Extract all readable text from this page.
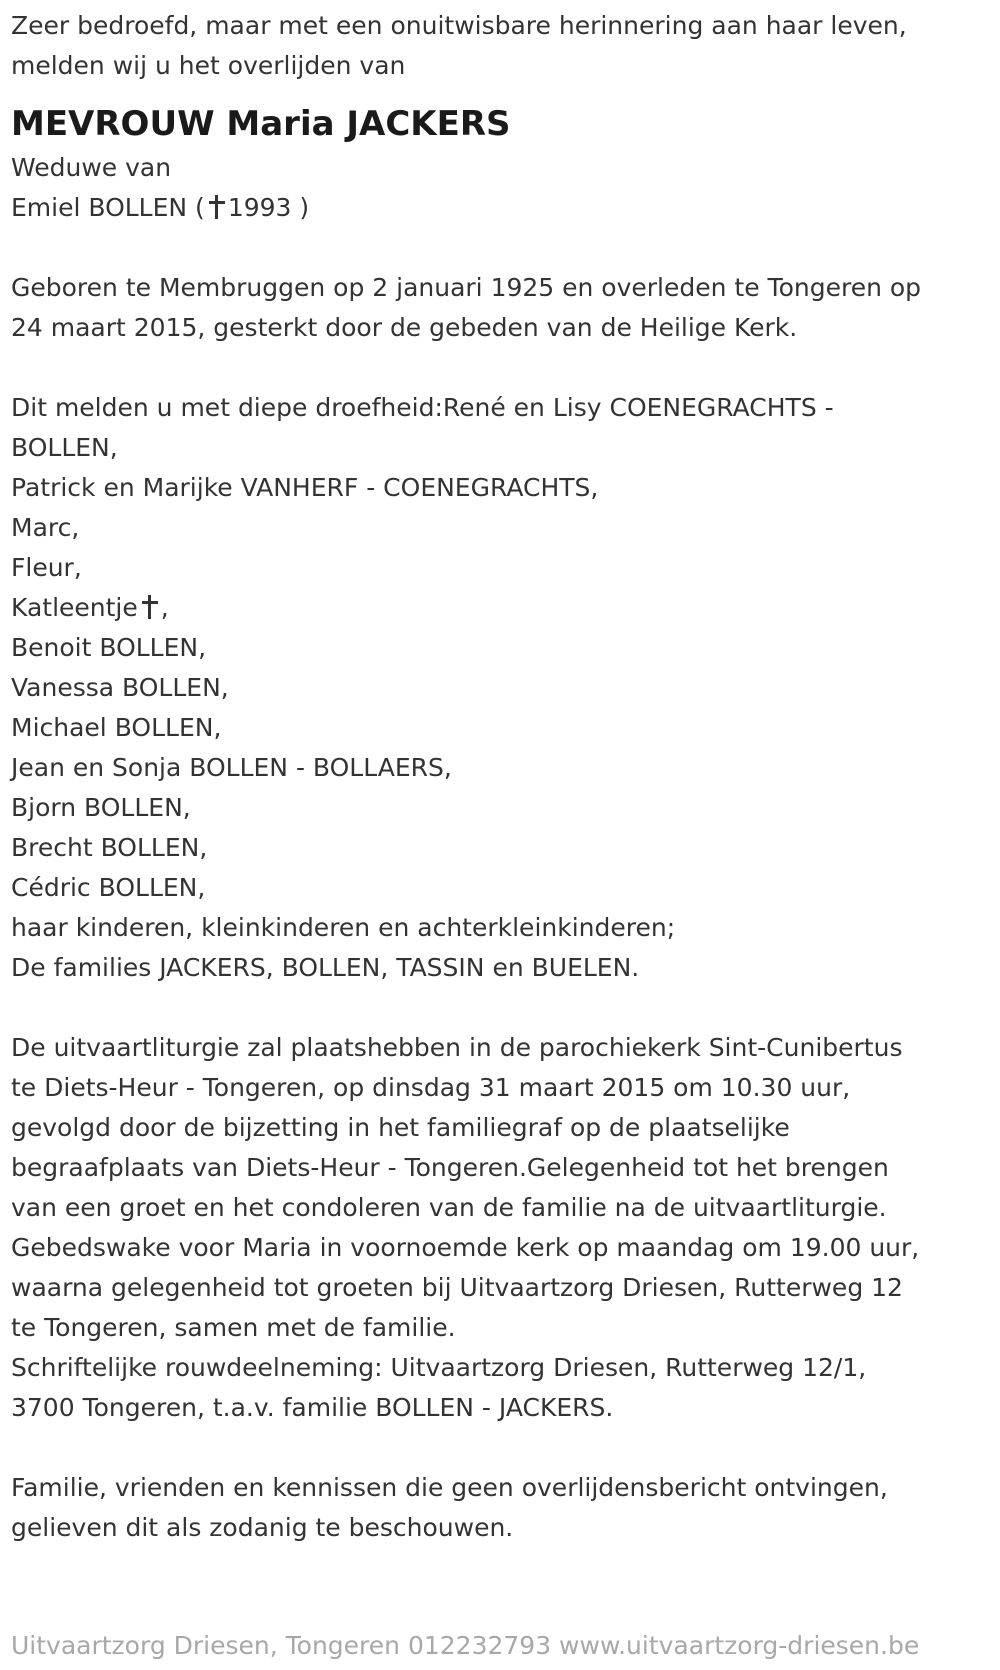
Zeer bedroefd, maar met een onuitwisbare herinnering aan haar leven,
melden wij u het overlijden van
MEVROUW Maria JACKERS
Weduwe van
Emiel BOLLEN ( 1993 )
Geboren te Membruggen op 2 januari 1925 en overleden te Tongeren op
24 maart 2015, gesterkt door de gebeden van de Heilige Kerk.
Dit melden u met diepe droefheid:René en Lisy COENEGRACHTS -
BOLLEN,
Patrick en Marijke VANHERF - COENEGRACHTS,
Marc,
Fleur,
Katleentje ,
Benoit BOLLEN,
Vanessa BOLLEN,
Michael BOLLEN,
Jean en Sonja BOLLEN - BOLLAERS,
Bjorn BOLLEN,
Brecht BOLLEN,
Cédric BOLLEN,
haar kinderen, kleinkinderen en achterkleinkinderen;
De families JACKERS, BOLLEN, TASSIN en BUELEN.
De uitvaartliturgie zal plaatshebben in de parochiekerk Sint-Cunibertus
te Diets-Heur - Tongeren, op dinsdag 31 maart 2015 om 10.30 uur,
gevolgd door de bijzetting in het familiegraf op de plaatselijke
begraafplaats van Diets-Heur - Tongeren.Gelegenheid tot het brengen
van een groet en het condoleren van de familie na de uitvaartliturgie.
Gebedswake voor Maria in voornoemde kerk op maandag om 19.00 uur,
waarna gelegenheid tot groeten bij Uitvaartzorg Driesen, Rutterweg 12
te Tongeren, samen met de familie.
Schriftelijke rouwdeelneming: Uitvaartzorg Driesen, Rutterweg 12/1,
3700 Tongeren, t.a.v. familie BOLLEN - JACKERS.
Familie, vrienden en kennissen die geen overlijdensbericht ontvingen,
gelieven dit als zodanig te beschouwen.
Uitvaartzorg Driesen, Tongeren 012232793 www.uitvaartzorg-driesen.be
